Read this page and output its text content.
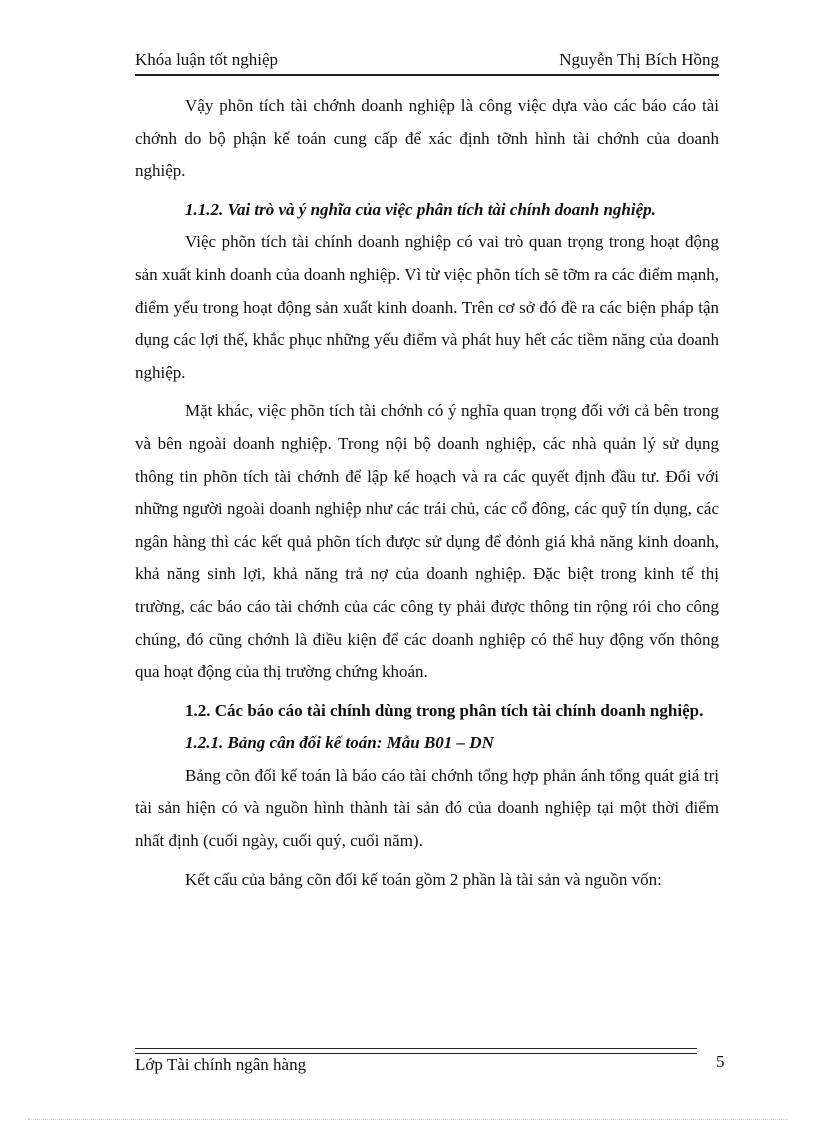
Khóa luận tốt nghiệp	Nguyễn Thị Bích Hồng

Vậy phõn tích tài chớnh doanh nghiệp là công việc dựa vào các báo cáo tài chớnh do bộ phận kế toán cung cấp để xác định tỡnh hình tài chớnh của doanh nghiệp.

1.1.2. Vai trò và ý nghĩa của việc phân tích tài chính doanh nghiệp.

Việc phõn tích tài chính doanh nghiệp có vai trò quan trọng trong hoạt động sản xuất kinh doanh của doanh nghiệp. Vì từ việc phõn tích sẽ tỡm ra các điểm mạnh, điểm yếu trong hoạt động sản xuất kinh doanh. Trên cơ sở đó đề ra các biện pháp tận dụng các lợi thế, khắc phục những yếu điểm và phát huy hết các tiềm năng của doanh nghiệp.

Mặt khác, việc phõn tích tài chớnh có ý nghĩa quan trọng đối với cả bên trong và bên ngoài doanh nghiệp. Trong nội bộ doanh nghiệp, các nhà quản lý sử dụng thông tin phõn tích tài chớnh để lập kế hoạch và ra các quyết định đầu tư. Đối với những người ngoài doanh nghiệp như các trái chủ, các cổ đông, các quỹ tín dụng, các ngân hàng thì các kết quả phõn tích được sử dụng để đỏnh giá khả năng kinh doanh, khả năng sinh lợi, khả năng trả nợ của doanh nghiệp. Đặc biệt trong kinh tế thị trường, các báo cáo tài chớnh của các công ty phải được thông tin rộng rói cho công chúng, đó cũng chớnh là điều kiện để các doanh nghiệp có thể huy động vốn thông qua hoạt động của thị trường chứng khoán.

1.2. Các báo cáo tài chính dùng trong phân tích tài chính doanh nghiệp.

1.2.1. Bảng cân đối kế toán: Mẫu B01 – DN

Bảng cõn đối kế toán là báo cáo tài chớnh tổng hợp phản ánh tổng quát giá trị tài sản hiện có và nguồn hình thành tài sản đó của doanh nghiệp tại một thời điểm nhất định (cuối ngày, cuối quý, cuối năm).

Kết cấu của bảng cõn đối kế toán gồm 2 phần là tài sản và nguồn vốn:

Lớp Tài chính ngân hàng	5
